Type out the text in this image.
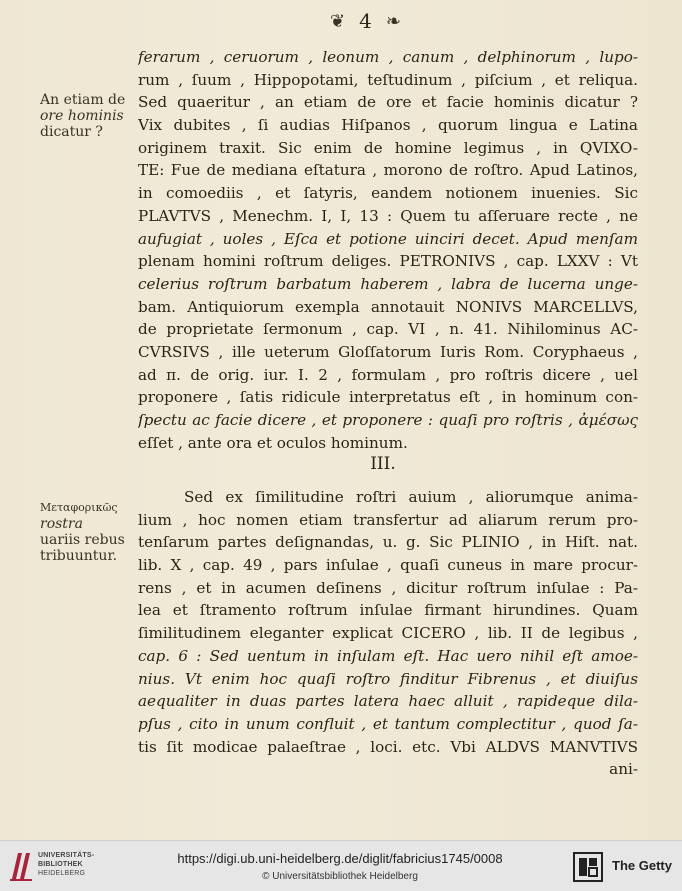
❦ 4 ❧
An etiam de
ore hominis
dicatur ?
Μεταφορικῶς
rostra
uariis rebus
tribuuntur.
ferarum , ceruorum , leonum , canum , delphinorum , lupo-
rum , ſuum , Hippopotami, teſtudinum , piſcium , et reliqua.
Sed quaeritur , an etiam de ore et facie hominis dicatur ?
Vix dubites , ſi audias Hiſpanos , quorum lingua e Latina
originem traxit. Sic enim de homine legimus , in QVIXO-
TE: Fue de mediana eſtatura , morono de roſtro. Apud Latinos,
in comoediis , et ſatyris, eandem notionem inuenies. Sic
PLAVTVS , Menechm. I, I, 13 : Quem tu aſſeruare recte , ne
aufugiat , uoles , Eſca et potione uinciri decet. Apud menſam
plenam homini roſtrum deliges. PETRONIVS , cap. LXXV : Vt
celerius roſtrum barbatum haberem , labra de lucerna unge-
bam. Antiquiorum exempla annotauit NONIVS MARCELLVS,
de proprietate ſermonum , cap. VI , n. 41. Nihilominus AC-
CVRSIVS , ille ueterum Gloſſatorum Iuris Rom. Coryphaeus ,
ad π. de orig. iur. I. 2 , formulam , pro roſtris dicere , uel
proponere , ſatis ridicule interpretatus eſt , in hominum con-
ſpectu ac facie dicere , et proponere : quaſi pro roſtris , ἀμέσως
eſſet , ante ora et oculos hominum.
III.
Sed ex ſimilitudine roſtri auium , aliorumque anima-
lium , hoc nomen etiam transfertur ad aliarum rerum pro-
tenſarum partes deſignandas, u. g. Sic PLINIO , in Hiſt. nat.
lib. X , cap. 49 , pars inſulae , quaſi cuneus in mare procur-
rens , et in acumen deſinens , dicitur roſtrum inſulae : Pa-
lea et ſtramento roſtrum inſulae firmant hirundines. Quam
ſimilitudinem eleganter explicat CICERO , lib. II de legibus ,
cap. 6 : Sed uentum in inſulam eſt. Hac uero nihil eſt amoe-
nius. Vt enim hoc quaſi roſtro finditur Fibrenus , et diuiſus
aequaliter in duas partes latera haec alluit , rapideque dila-
pſus , cito in unum confluit , et tantum complectitur , quod ſa-
tis ſit modicae palaeſtrae , loci. etc. Vbi ALDVS MANVTIVS
ani-
UNIVERSITÄTS-
BIBLIOTHEK
HEIDELBERG
https://digi.ub.uni-heidelberg.de/diglit/fabricius1745/0008
© Universitätsbibliothek Heidelberg
The Getty
